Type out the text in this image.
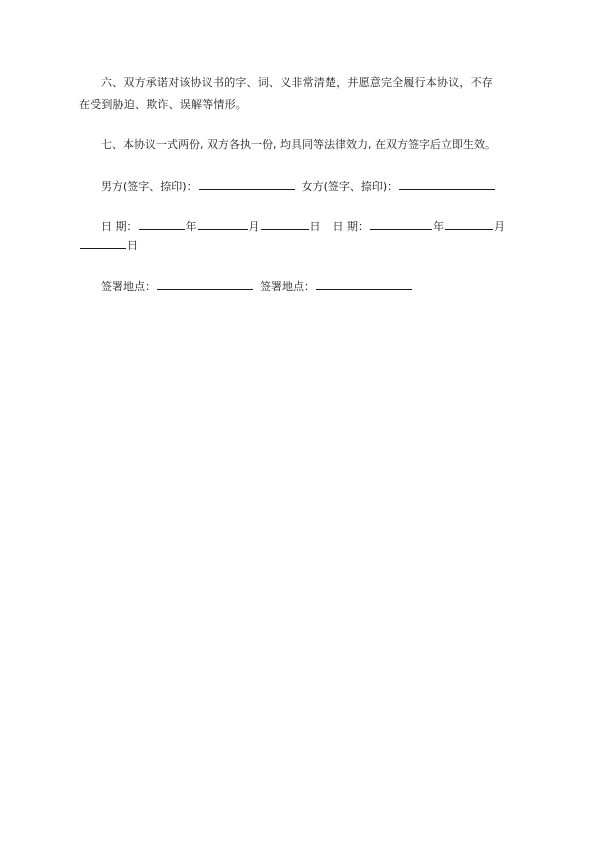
六、双方承诺对该协议书的字、词、义非常清楚，并愿意完全履行本协议，不存
在受到胁迫、欺诈、误解等情形。
七、本协议一式两份, 双方各执一份, 均具同等法律效力, 在双方签字后立即生效。
男方(签字、捺印)：	女方(签字、捺印)：
日 期：	年	月	日 日 期：	年	月
日
签署地点：	签署地点：
